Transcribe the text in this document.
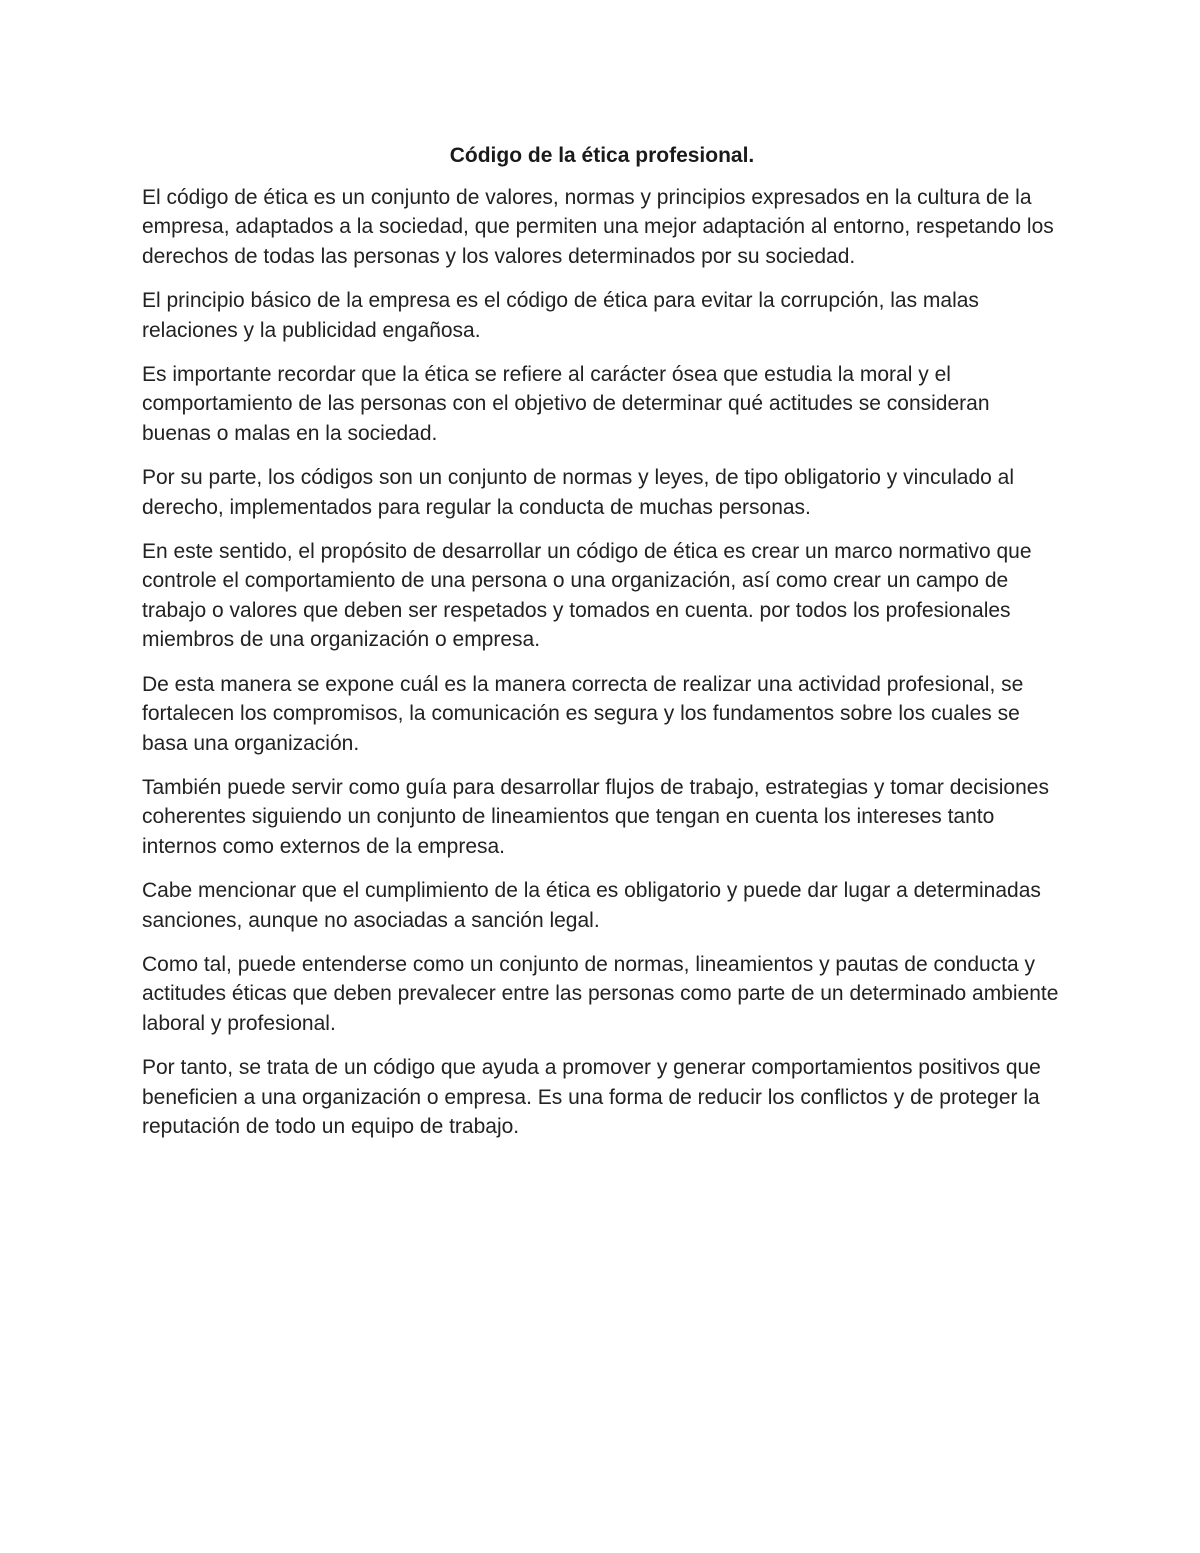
Código de la ética profesional.

El código de ética es un conjunto de valores, normas y principios expresados en la cultura de la empresa, adaptados a la sociedad, que permiten una mejor adaptación al entorno, respetando los derechos de todas las personas y los valores determinados por su sociedad.

El principio básico de la empresa es el código de ética para evitar la corrupción, las malas relaciones y la publicidad engañosa.

Es importante recordar que la ética se refiere al carácter ósea que estudia la moral y el comportamiento de las personas con el objetivo de determinar qué actitudes se consideran buenas o malas en la sociedad.

Por su parte, los códigos son un conjunto de normas y leyes, de tipo obligatorio y vinculado al derecho, implementados para regular la conducta de muchas personas.

En este sentido, el propósito de desarrollar un código de ética es crear un marco normativo que controle el comportamiento de una persona o una organización, así como crear un campo de trabajo o valores que deben ser respetados y tomados en cuenta. por todos los profesionales miembros de una organización o empresa.

De esta manera se expone cuál es la manera correcta de realizar una actividad profesional, se fortalecen los compromisos, la comunicación es segura y los fundamentos sobre los cuales se basa una organización.

También puede servir como guía para desarrollar flujos de trabajo, estrategias y tomar decisiones coherentes siguiendo un conjunto de lineamientos que tengan en cuenta los intereses tanto internos como externos de la empresa.

Cabe mencionar que el cumplimiento de la ética es obligatorio y puede dar lugar a determinadas sanciones, aunque no asociadas a sanción legal.

Como tal, puede entenderse como un conjunto de normas, lineamientos y pautas de conducta y actitudes éticas que deben prevalecer entre las personas como parte de un determinado ambiente laboral y profesional.

Por tanto, se trata de un código que ayuda a promover y generar comportamientos positivos que beneficien a una organización o empresa. Es una forma de reducir los conflictos y de proteger la reputación de todo un equipo de trabajo.
